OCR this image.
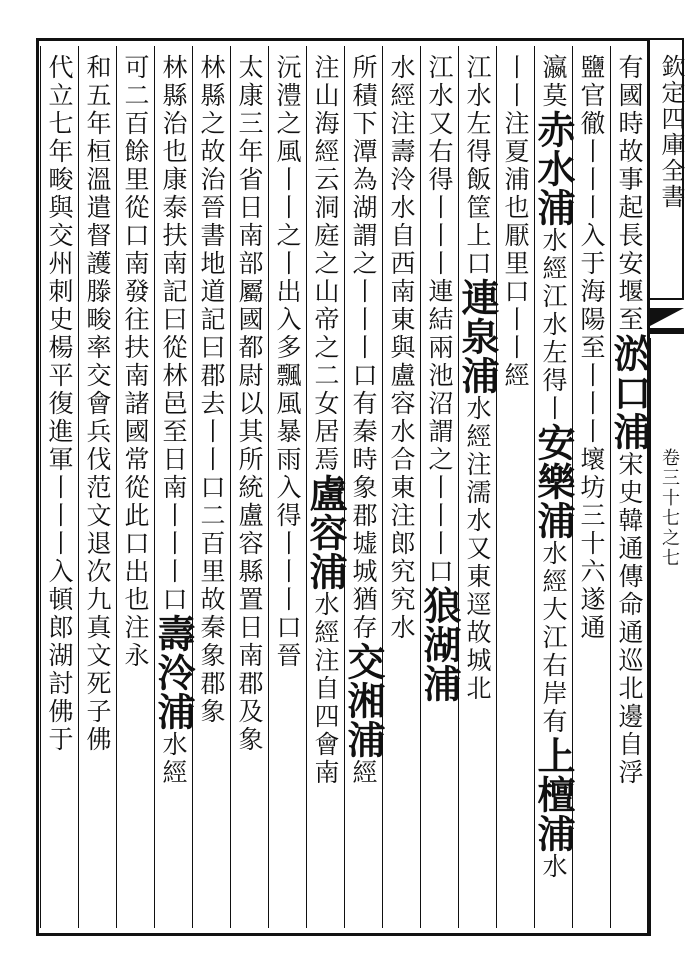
欽定四庫全書
卷三十七之七
有國時故事起長安堰至淤口浦宋史韓通傳命通巡北邊自浮
鹽官徹丨丨丨入于海陽至丨丨丨壞坊三十六遂通
瀛莫赤水浦水經江水左得丨安樂浦水經大江右岸有上檀浦水
丨丨注夏浦也厭里口丨丨經
江水左得飯筐上口連泉浦水經注濡水又東逕故城北
江水又右得丨丨丨連結兩池沼謂之丨丨丨口狼湖浦
水經注壽泠水自西南東與盧容水合東注郎究究水
所積下潭為湖謂之丨丨丨口有秦時象郡墟城猶存交湘浦經
注山海經云洞庭之山帝之二女居焉盧容浦水經注自四會南
沅澧之風丨丨之丨出入多飄風暴雨入得丨丨丨口晉
太康三年省日南部屬國都尉以其所統盧容縣置日南郡及象
林縣之故治晉書地道記曰郡去丨丨口二百里故秦象郡象
林縣治也康泰扶南記曰從林邑至日南丨丨丨口壽泠浦水經
可二百餘里從口南發往扶南諸國常從此口出也注永
和五年桓溫遣督護滕畯率交會兵伐范文退次九真文死子佛
代立七年畯與交州刺史楊平復進軍丨丨丨入頓郎湖討佛于
